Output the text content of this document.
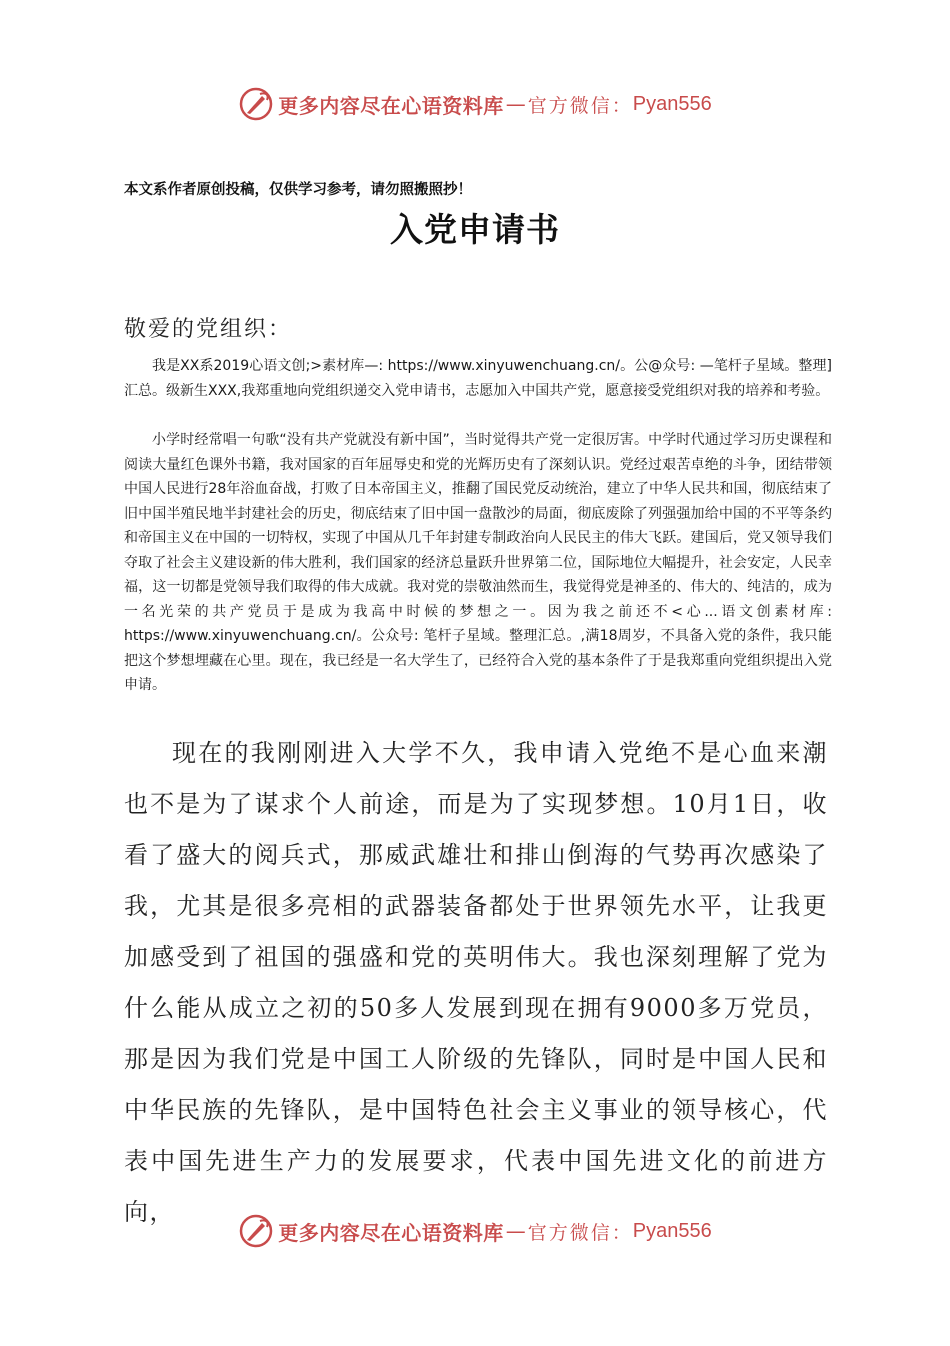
更多内容尽在心语资料库 — 官方微信： Pyan556
本文系作者原创投稿，仅供学习参考，请勿照搬照抄！
入党申请书
敬爱的党组织：

我是XX系2019心语文创;>素材库—: https://www.xinyuwenchuang.cn/。公@众号: —笔杆子星域。整理]汇总。级新生XXX,我郑重地向党组织递交入党申请书，志愿加入中国共产党，愿意接受党组织对我的培养和考验。

小学时经常唱一句歌“没有共产党就没有新中国”，当时觉得共产党一定很厉害。中学时代通过学习历史课程和阅读大量红色课外书籍，我对国家的百年屈辱史和党的光辉历史有了深刻认识。党经过艰苦卓绝的斗争，团结带领中国人民进行28年浴血奋战，打败了日本帝国主义，推翻了国民党反动统治，建立了中华人民共和国，彻底结束了旧中国半殖民地半封建社会的历史，彻底结束了旧中国一盘散沙的局面，彻底废除了列强强加给中国的不平等条约和帝国主义在中国的一切特权，实现了中国从几千年封建专制政治向人民民主的伟大飞跃。建国后，党又领导我们夺取了社会主义建设新的伟大胜利，我们国家的经济总量跃升世界第二位，国际地位大幅提升，社会安定，人民幸福，这一切都是党领导我们取得的伟大成就。我对党的崇敬油然而生，我觉得党是神圣的、伟大的、纯洁的，成为一名光荣的共产党员于是成为我高中时候的梦想之一。因为我之前还不<心...语文创素材库: https://www.xinyuwenchuang.cn/。公众号: 笔杆子星域。整理汇总。,满18周岁，不具备入党的条件，我只能把这个梦想埋藏在心里。现在，我已经是一名大学生了，已经符合入党的基本条件了于是我郑重向党组织提出入党申请。

现在的我刚刚进入大学不久，我申请入党绝不是心血来潮也不是为了谋求个人前途，而是为了实现梦想。10月1日，收看了盛大的阅兵式，那威武雄壮和排山倒海的气势再次感染了我，尤其是很多亮相的武器装备都处于世界领先水平，让我更加感受到了祖国的强盛和党的英明伟大。我也深刻理解了党为什么能从成立之初的50多人发展到现在拥有9000多万党员，那是因为我们党是中国工人阶级的先锋队，同时是中国人民和中华民族的先锋队，是中国特色社会主义事业的领导核心，代表中国先进生产力的发展要求，代表中国先进文化的前进方向，

更多内容尽在心语资料库 — 官方微信： Pyan556
